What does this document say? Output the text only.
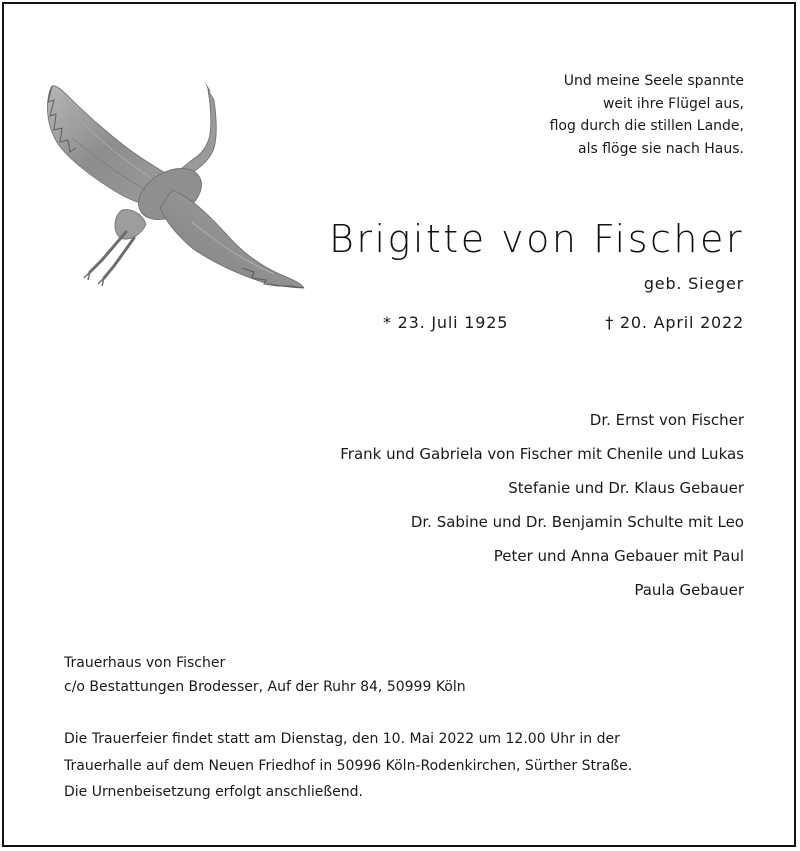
Und meine Seele spannte
weit ihre Flügel aus,
flog durch die stillen Lande,
als flöge sie nach Haus.
Brigitte von Fischer
geb. Sieger
* 23. Juli 1925	† 20. April 2022
Dr. Ernst von Fischer
Frank und Gabriela von Fischer mit Chenile und Lukas
Stefanie und Dr. Klaus Gebauer
Dr. Sabine und Dr. Benjamin Schulte mit Leo
Peter und Anna Gebauer mit Paul
Paula Gebauer
Trauerhaus von Fischer
c/o Bestattungen Brodesser, Auf der Ruhr 84, 50999 Köln
Die Trauerfeier findet statt am Dienstag, den 10. Mai 2022 um 12.00 Uhr in der
Trauerhalle auf dem Neuen Friedhof in 50996 Köln-Rodenkirchen, Sürther Straße.
Die Urnenbeisetzung erfolgt anschließend.
